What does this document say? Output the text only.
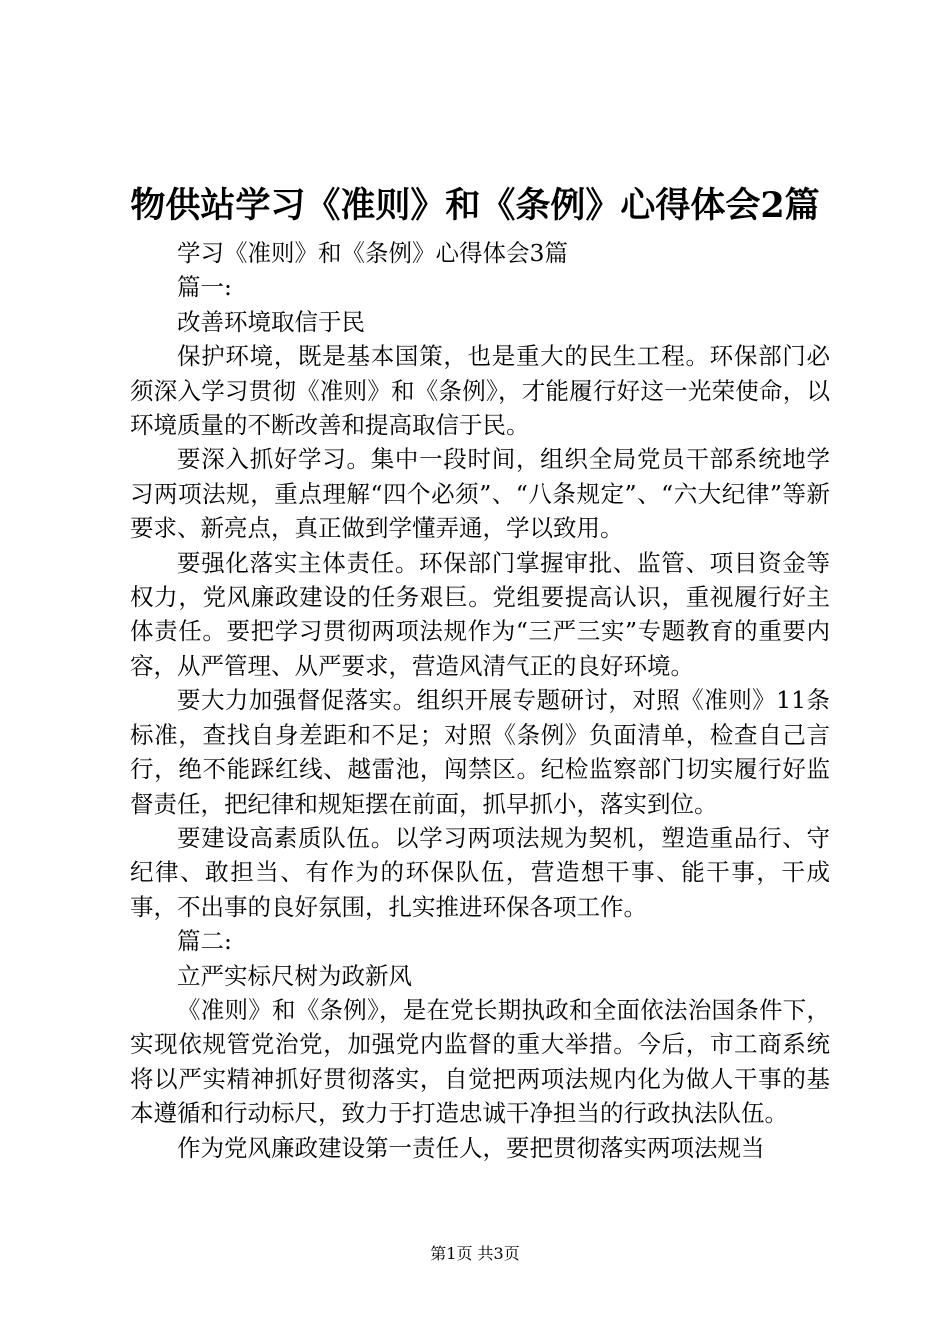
物供站学习《准则》和《条例》心得体会2篇

学习《准则》和《条例》心得体会3篇

篇一:

改善环境取信于民

保护环境，既是基本国策，也是重大的民生工程。环保部门必须深入学习贯彻《准则》和《条例》，才能履行好这一光荣使命，以环境质量的不断改善和提高取信于民。

要深入抓好学习。集中一段时间，组织全局党员干部系统地学习两项法规，重点理解“四个必须”、“八条规定”、“六大纪律”等新要求、新亮点，真正做到学懂弄通，学以致用。

要强化落实主体责任。环保部门掌握审批、监管、项目资金等权力，党风廉政建设的任务艰巨。党组要提高认识，重视履行好主体责任。要把学习贯彻两项法规作为“三严三实”专题教育的重要内容，从严管理、从严要求，营造风清气正的良好环境。

要大力加强督促落实。组织开展专题研讨，对照《准则》11条标准，查找自身差距和不足；对照《条例》负面清单，检查自己言行，绝不能踩红线、越雷池，闯禁区。纪检监察部门切实履行好监督责任，把纪律和规矩摆在前面，抓早抓小，落实到位。

要建设高素质队伍。以学习两项法规为契机，塑造重品行、守纪律、敢担当、有作为的环保队伍，营造想干事、能干事，干成事，不出事的良好氛围，扎实推进环保各项工作。

篇二:

立严实标尺树为政新风

《准则》和《条例》，是在党长期执政和全面依法治国条件下，实现依规管党治党，加强党内监督的重大举措。今后，市工商系统将以严实精神抓好贯彻落实，自觉把两项法规内化为做人干事的基本遵循和行动标尺，致力于打造忠诚干净担当的行政执法队伍。

作为党风廉政建设第一责任人，要把贯彻落实两项法规当

第1页 共3页
